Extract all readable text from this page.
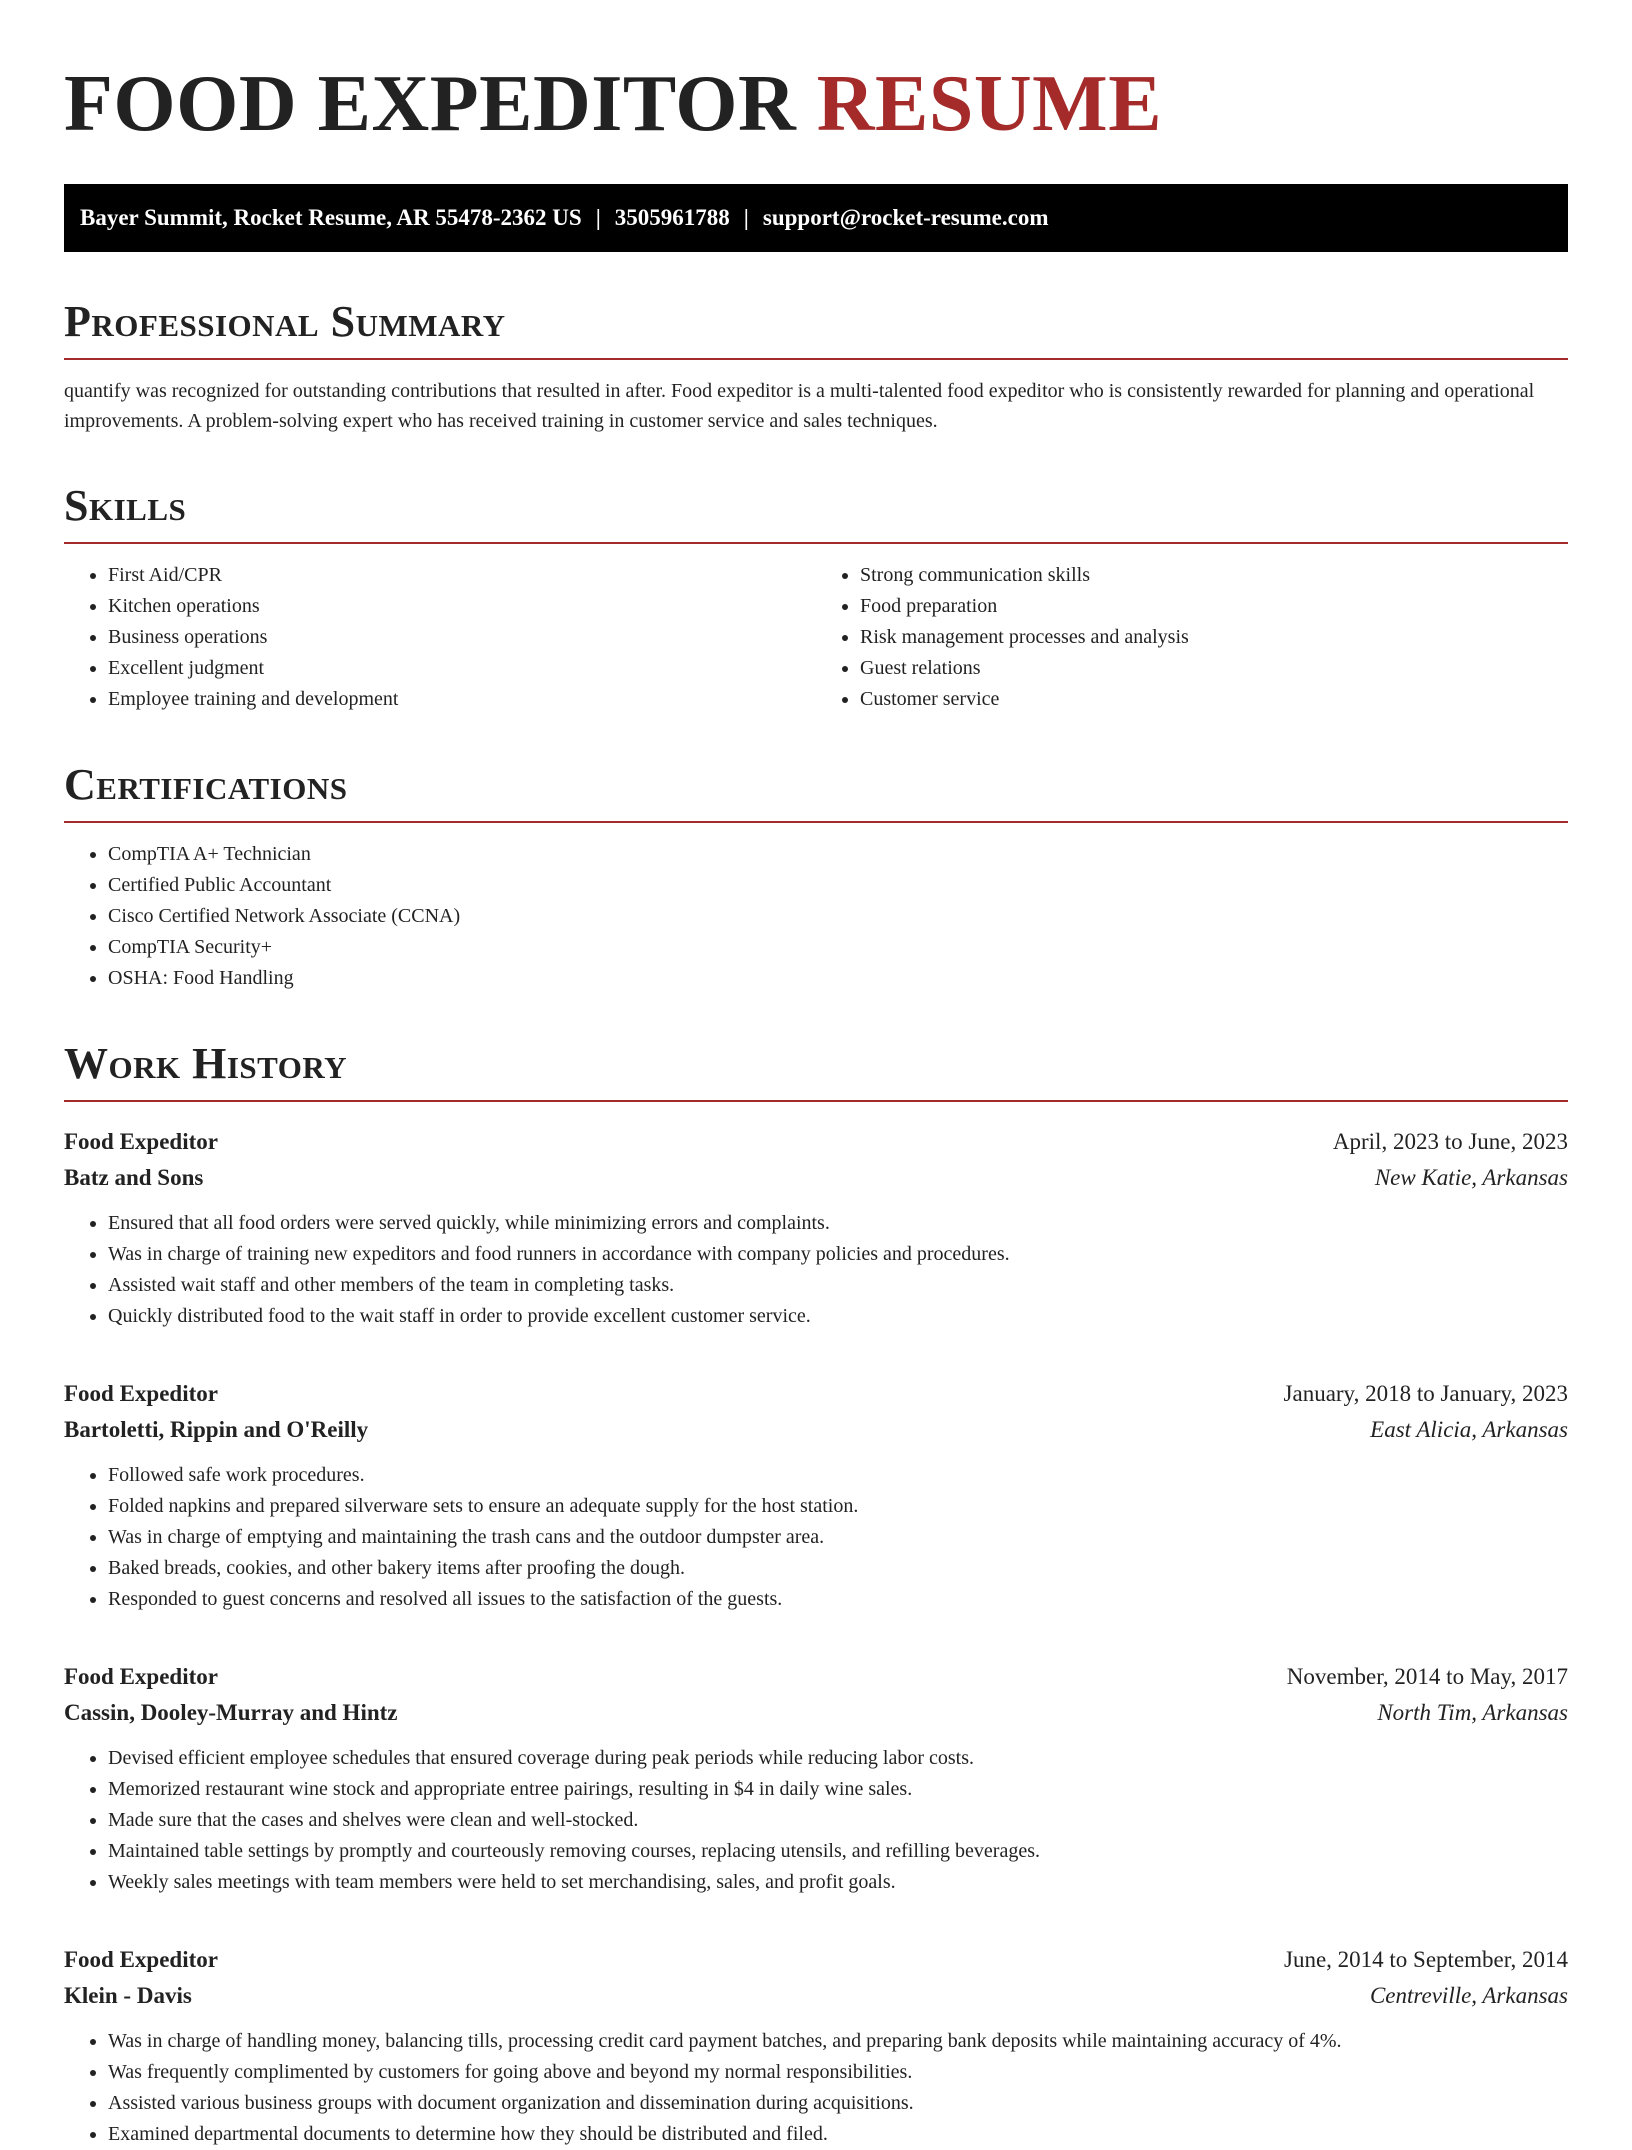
FOOD EXPEDITOR RESUME
Bayer Summit, Rocket Resume, AR 55478-2362 US | 3505961788 | support@rocket-resume.com
Professional Summary

quantify was recognized for outstanding contributions that resulted in after. Food expeditor is a multi-talented food expeditor who is consistently rewarded for planning and operational improvements. A problem-solving expert who has received training in customer service and sales techniques.

Skills
• First Aid/CPR
• Kitchen operations
• Business operations
• Excellent judgment
• Employee training and development
• Strong communication skills
• Food preparation
• Risk management processes and analysis
• Guest relations
• Customer service
Certifications
• CompTIA A+ Technician
• Certified Public Accountant
• Cisco Certified Network Associate (CCNA)
• CompTIA Security+
• OSHA: Food Handling
Work History
Food Expeditor	April, 2023 to June, 2023
Batz and Sons	New Katie, Arkansas
• Ensured that all food orders were served quickly, while minimizing errors and complaints.
• Was in charge of training new expeditors and food runners in accordance with company policies and procedures.
• Assisted wait staff and other members of the team in completing tasks.
• Quickly distributed food to the wait staff in order to provide excellent customer service.
Food Expeditor	January, 2018 to January, 2023
Bartoletti, Rippin and O'Reilly	East Alicia, Arkansas
• Followed safe work procedures.
• Folded napkins and prepared silverware sets to ensure an adequate supply for the host station.
• Was in charge of emptying and maintaining the trash cans and the outdoor dumpster area.
• Baked breads, cookies, and other bakery items after proofing the dough.
• Responded to guest concerns and resolved all issues to the satisfaction of the guests.
Food Expeditor	November, 2014 to May, 2017
Cassin, Dooley-Murray and Hintz	North Tim, Arkansas
• Devised efficient employee schedules that ensured coverage during peak periods while reducing labor costs.
• Memorized restaurant wine stock and appropriate entree pairings, resulting in $4 in daily wine sales.
• Made sure that the cases and shelves were clean and well-stocked.
• Maintained table settings by promptly and courteously removing courses, replacing utensils, and refilling beverages.
• Weekly sales meetings with team members were held to set merchandising, sales, and profit goals.
Food Expeditor	June, 2014 to September, 2014
Klein - Davis	Centreville, Arkansas
• Was in charge of handling money, balancing tills, processing credit card payment batches, and preparing bank deposits while maintaining accuracy of 4%.
• Was frequently complimented by customers for going above and beyond my normal responsibilities.
• Assisted various business groups with document organization and dissemination during acquisitions.
• Examined departmental documents to determine how they should be distributed and filed.
